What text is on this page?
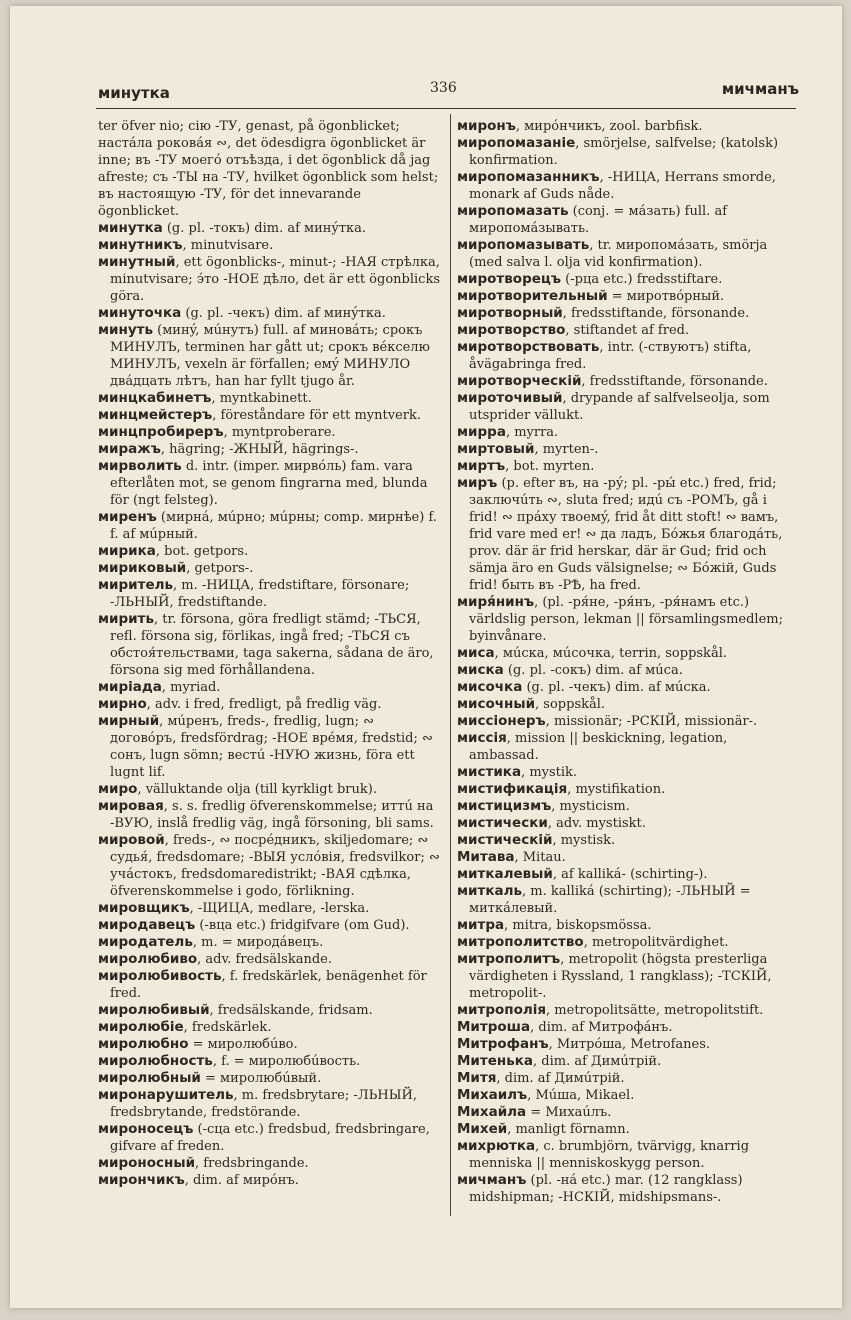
минутка	336	мичманъ

ter öfver nio; сію -ТУ, genast, på ögonblicket; настáла роковáя ∾, det ödesdigra ögonblicket är inne; въ -ТУ моегó отъѣзда, i det ögonblick då jag afreste; съ -ТЫ на -ТУ, hvilket ögonblick som helst; въ настоящую -ТУ, för det innevarande ögonblicket.

минутка (g. pl. -токъ) dim. af минýтка.

минутникъ, minutvisare.

минутный, ett ögonblicks-, minut-; -НАЯ стрѣлка, minutvisare; э́то -НОЕ дѣло, det är ett ögonblicks göra.

минуточка (g. pl. -чекъ) dim. af минýтка.

минуть (минý, мúнутъ) full. af миновáть; срокъ МИНУЛЪ, terminen har gått ut; срокъ вéкселю МИНУЛЪ, vexeln är förfallen; емý МИНУЛО двáдцать лѣтъ, han har fyllt tjugo år.

минцкабинетъ, myntkabinett.

минцмейстеръ, föreståndare för ett myntverk.

минцпробиреръ, myntproberare.

миражъ, hägring; -ЖНЫЙ, hägrings-.

мирволить d. intr. (imper. мирвóль) fam. vara efterlåten mot, se genom fingrarna med, blunda för (ngt felsteg).

миренъ (мирнá, мúрно; мúрны; comp. мирнѣе) f. f. af мúрный.

мирика, bot. getpors.

мириковый, getpors-.

миритель, m. -НИЦА, fredstiftare, försonare; -ЛЬНЫЙ, fredstiftande.

мирить, tr. försona, göra fredligt stämd; -ТЬСЯ, refl. försona sig, förlikas, ingå fred; -ТЬСЯ съ обстоя́тельствами, taga sakerna, sådana de äro, försona sig med förhållandena.

миріада, myriad.

мирно, adv. i fred, fredligt, på fredlig väg.

мирный, мúренъ, freds-, fredlig, lugn; ∾ договóръ, fredsfördrag; -НОЕ врéмя, fredstid; ∾ сонъ, lugn sömn; вестú -НУЮ жизнь, föra ett lugnt lif.

миро, välluktande olja (till kyrkligt bruk).

мировая, s. s. fredlig öfverenskommelse; иттú на -ВУЮ, inslå fredlig väg, ingå försoning, bli sams.

мировой, freds-, ∾ посрéдникъ, skiljedomare; ∾ судья́, fredsdomare; -ВЫЯ услóвія, fredsvilkor; ∾ учáстокъ, fredsdomaredistrikt; -ВАЯ сдѣлка, öfverenskommelse i godo, förlikning.

мировщикъ, -ЩИЦА, medlare, -lerska.

миродавецъ (-вца etc.) fridgifvare (om Gud).

миродатель, m. = миродáвецъ.

миролюбиво, adv. fredsälskande.

миролюбивость, f. fredskärlek, benägenhet för fred.

миролюбивый, fredsälskande, fridsam.

миролюбіе, fredskärlek.

миролюбно = миролюбúво.

миролюбность, f. = миролюбúвость.

миролюбный = миролюбúвый.

миронарушитель, m. fredsbrytare; -ЛЬНЫЙ, fredsbrytande, fredstörande.

мироносецъ (-сца etc.) fredsbud, fredsbringare, gifvare af freden.

мироносный, fredsbringande.

мирончикъ, dim. af мирóнъ.

миронъ, мирóнчикъ, zool. barbfisk.

миропомазаніе, smörjelse, salfvelse; (katolsk) konfirmation.

миропомазанникъ, -НИЦА, Herrans smorde, monark af Guds nåde.

миропомазать (conj. = мáзать) full. af миропомáзывать.

миропомазывать, tr. миропомáзать, smörja (med salva l. olja vid konfirmation).

миротворецъ (-рца etc.) fredsstiftare.

миротворительный = миротвóрный.

миротворный, fredsstiftande, försonande.

миротворство, stiftandet af fred.

миротворствовать, intr. (-ствуютъ) stifta, åvägabringa fred.

миротворческій, fredsstiftande, försonande.

мироточивый, drypande af salfvelseolja, som utsprider vällukt.

мирра, myrra.

миртовый, myrten-.

миртъ, bot. myrten.

миръ (p. efter въ, на -рý; pl. -ры́ etc.) fred, frid; заключúть ∾, sluta fred; идú съ -РОМЪ, gå i frid! ∾ прáху твоемý, frid åt ditt stoft! ∾ вамъ, frid vare med er! ∾ да ладъ, Бóжья благодáть, prov. där är frid herskar, där är Gud; frid och sämja äro en Guds välsignelse; ∾ Бóжій, Guds frid! быть въ -РѢ, ha fred.

миря́нинъ, (pl. -ря́не, -ря́нъ, -ря́намъ etc.) världslig person, lekman || församlingsmedlem; byinvånare.

миса, мúска, мúсочка, terrin, soppskål.

миска (g. pl. -сокъ) dim. af мúса.

мисочка (g. pl. -чекъ) dim. af мúска.

мисочный, soppskål.

миссіонеръ, missionär; -РСКІЙ, missionär-.

миссія, mission || beskickning, legation, ambassad.

мистика, mystik.

мистификація, mystifikation.

мистицизмъ, mysticism.

мистически, adv. mystiskt.

мистическій, mystisk.

Митава, Mitau.

миткалевый, af kalliká- (schirting-).

миткаль, m. kalliká (schirting); -ЛЬНЫЙ = миткáлевый.

митра, mitra, biskopsmössa.

митрополитство, metropolitvärdighet.

митрополитъ, metropolit (högsta presterliga värdigheten i Ryssland, 1 rangklass); -ТСКІЙ, metropolit-.

митрополія, metropolitsätte, metropolitstift.

Митроша, dim. af Митрофáнъ.

Митрофанъ, Митрóша, Metrofanes.

Митенька, dim. af Димúтрій.

Митя, dim. af Димúтрій.

Михаилъ, Мúша, Mikael.

Михайла = Михаúлъ.

Михей, manligt förnamn.

михрютка, c. brumbjörn, tvärvigg, knarrig menniska || menniskoskygg person.

мичманъ (pl. -нá etc.) mar. (12 rangklass) midshipman; -НСКІЙ, midshipsmans-.
